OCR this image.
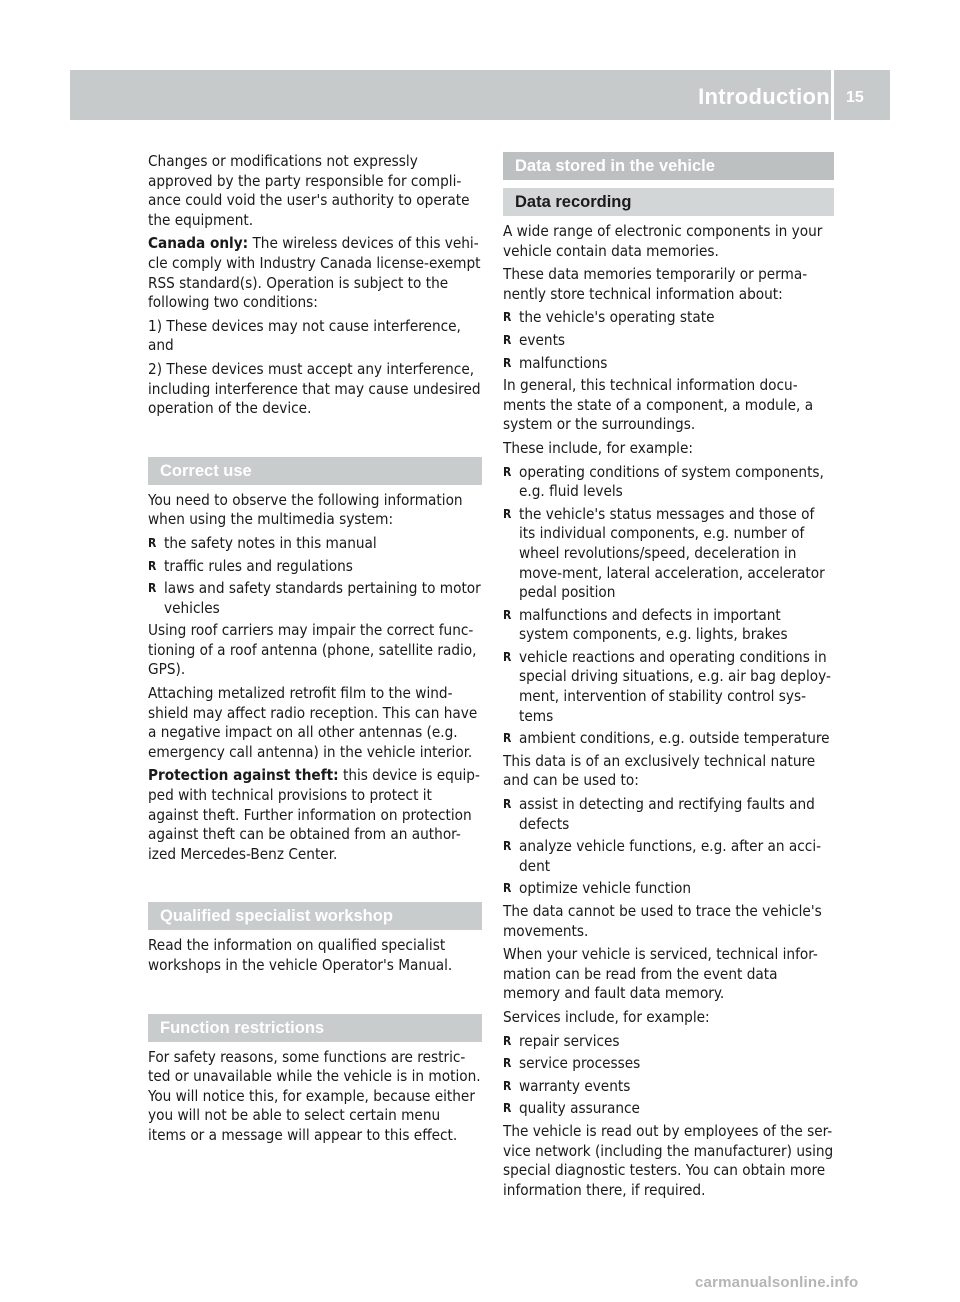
Introduction 15

Changes or modifications not expressly approved by the party responsible for compli-ance could void the user's authority to operate the equipment.

Canada only: The wireless devices of this vehi-cle comply with Industry Canada license-exempt RSS standard(s). Operation is subject to the following two conditions:

1) These devices may not cause interference, and

2) These devices must accept any interference, including interference that may cause undesired operation of the device.

Correct use

You need to observe the following information when using the multimedia system:

R the safety notes in this manual
R traffic rules and regulations
R laws and safety standards pertaining to motor vehicles

Using roof carriers may impair the correct func-tioning of a roof antenna (phone, satellite radio, GPS).

Attaching metalized retrofit film to the wind-shield may affect radio reception. This can have a negative impact on all other antennas (e.g. emergency call antenna) in the vehicle interior.

Protection against theft: this device is equip-ped with technical provisions to protect it against theft. Further information on protection against theft can be obtained from an author-ized Mercedes-Benz Center.

Qualified specialist workshop

Read the information on qualified specialist workshops in the vehicle Operator's Manual.

Function restrictions

For safety reasons, some functions are restric-ted or unavailable while the vehicle is in motion. You will notice this, for example, because either you will not be able to select certain menu items or a message will appear to this effect.

Data stored in the vehicle
Data recording

A wide range of electronic components in your vehicle contain data memories.

These data memories temporarily or perma-nently store technical information about:

R the vehicle's operating state
R events
R malfunctions

In general, this technical information docu-ments the state of a component, a module, a system or the surroundings.

These include, for example:

R operating conditions of system components, e.g. fluid levels
R the vehicle's status messages and those of its individual components, e.g. number of wheel revolutions/speed, deceleration in move-ment, lateral acceleration, accelerator pedal position
R malfunctions and defects in important system components, e.g. lights, brakes
R vehicle reactions and operating conditions in special driving situations, e.g. air bag deploy-ment, intervention of stability control sys-tems
R ambient conditions, e.g. outside temperature

This data is of an exclusively technical nature and can be used to:

R assist in detecting and rectifying faults and defects
R analyze vehicle functions, e.g. after an acci-dent
R optimize vehicle function

The data cannot be used to trace the vehicle's movements.

When your vehicle is serviced, technical infor-mation can be read from the event data memory and fault data memory.

Services include, for example:

R repair services
R service processes
R warranty events
R quality assurance

The vehicle is read out by employees of the ser-vice network (including the manufacturer) using special diagnostic testers. You can obtain more information there, if required.

carmanualsonline.info
